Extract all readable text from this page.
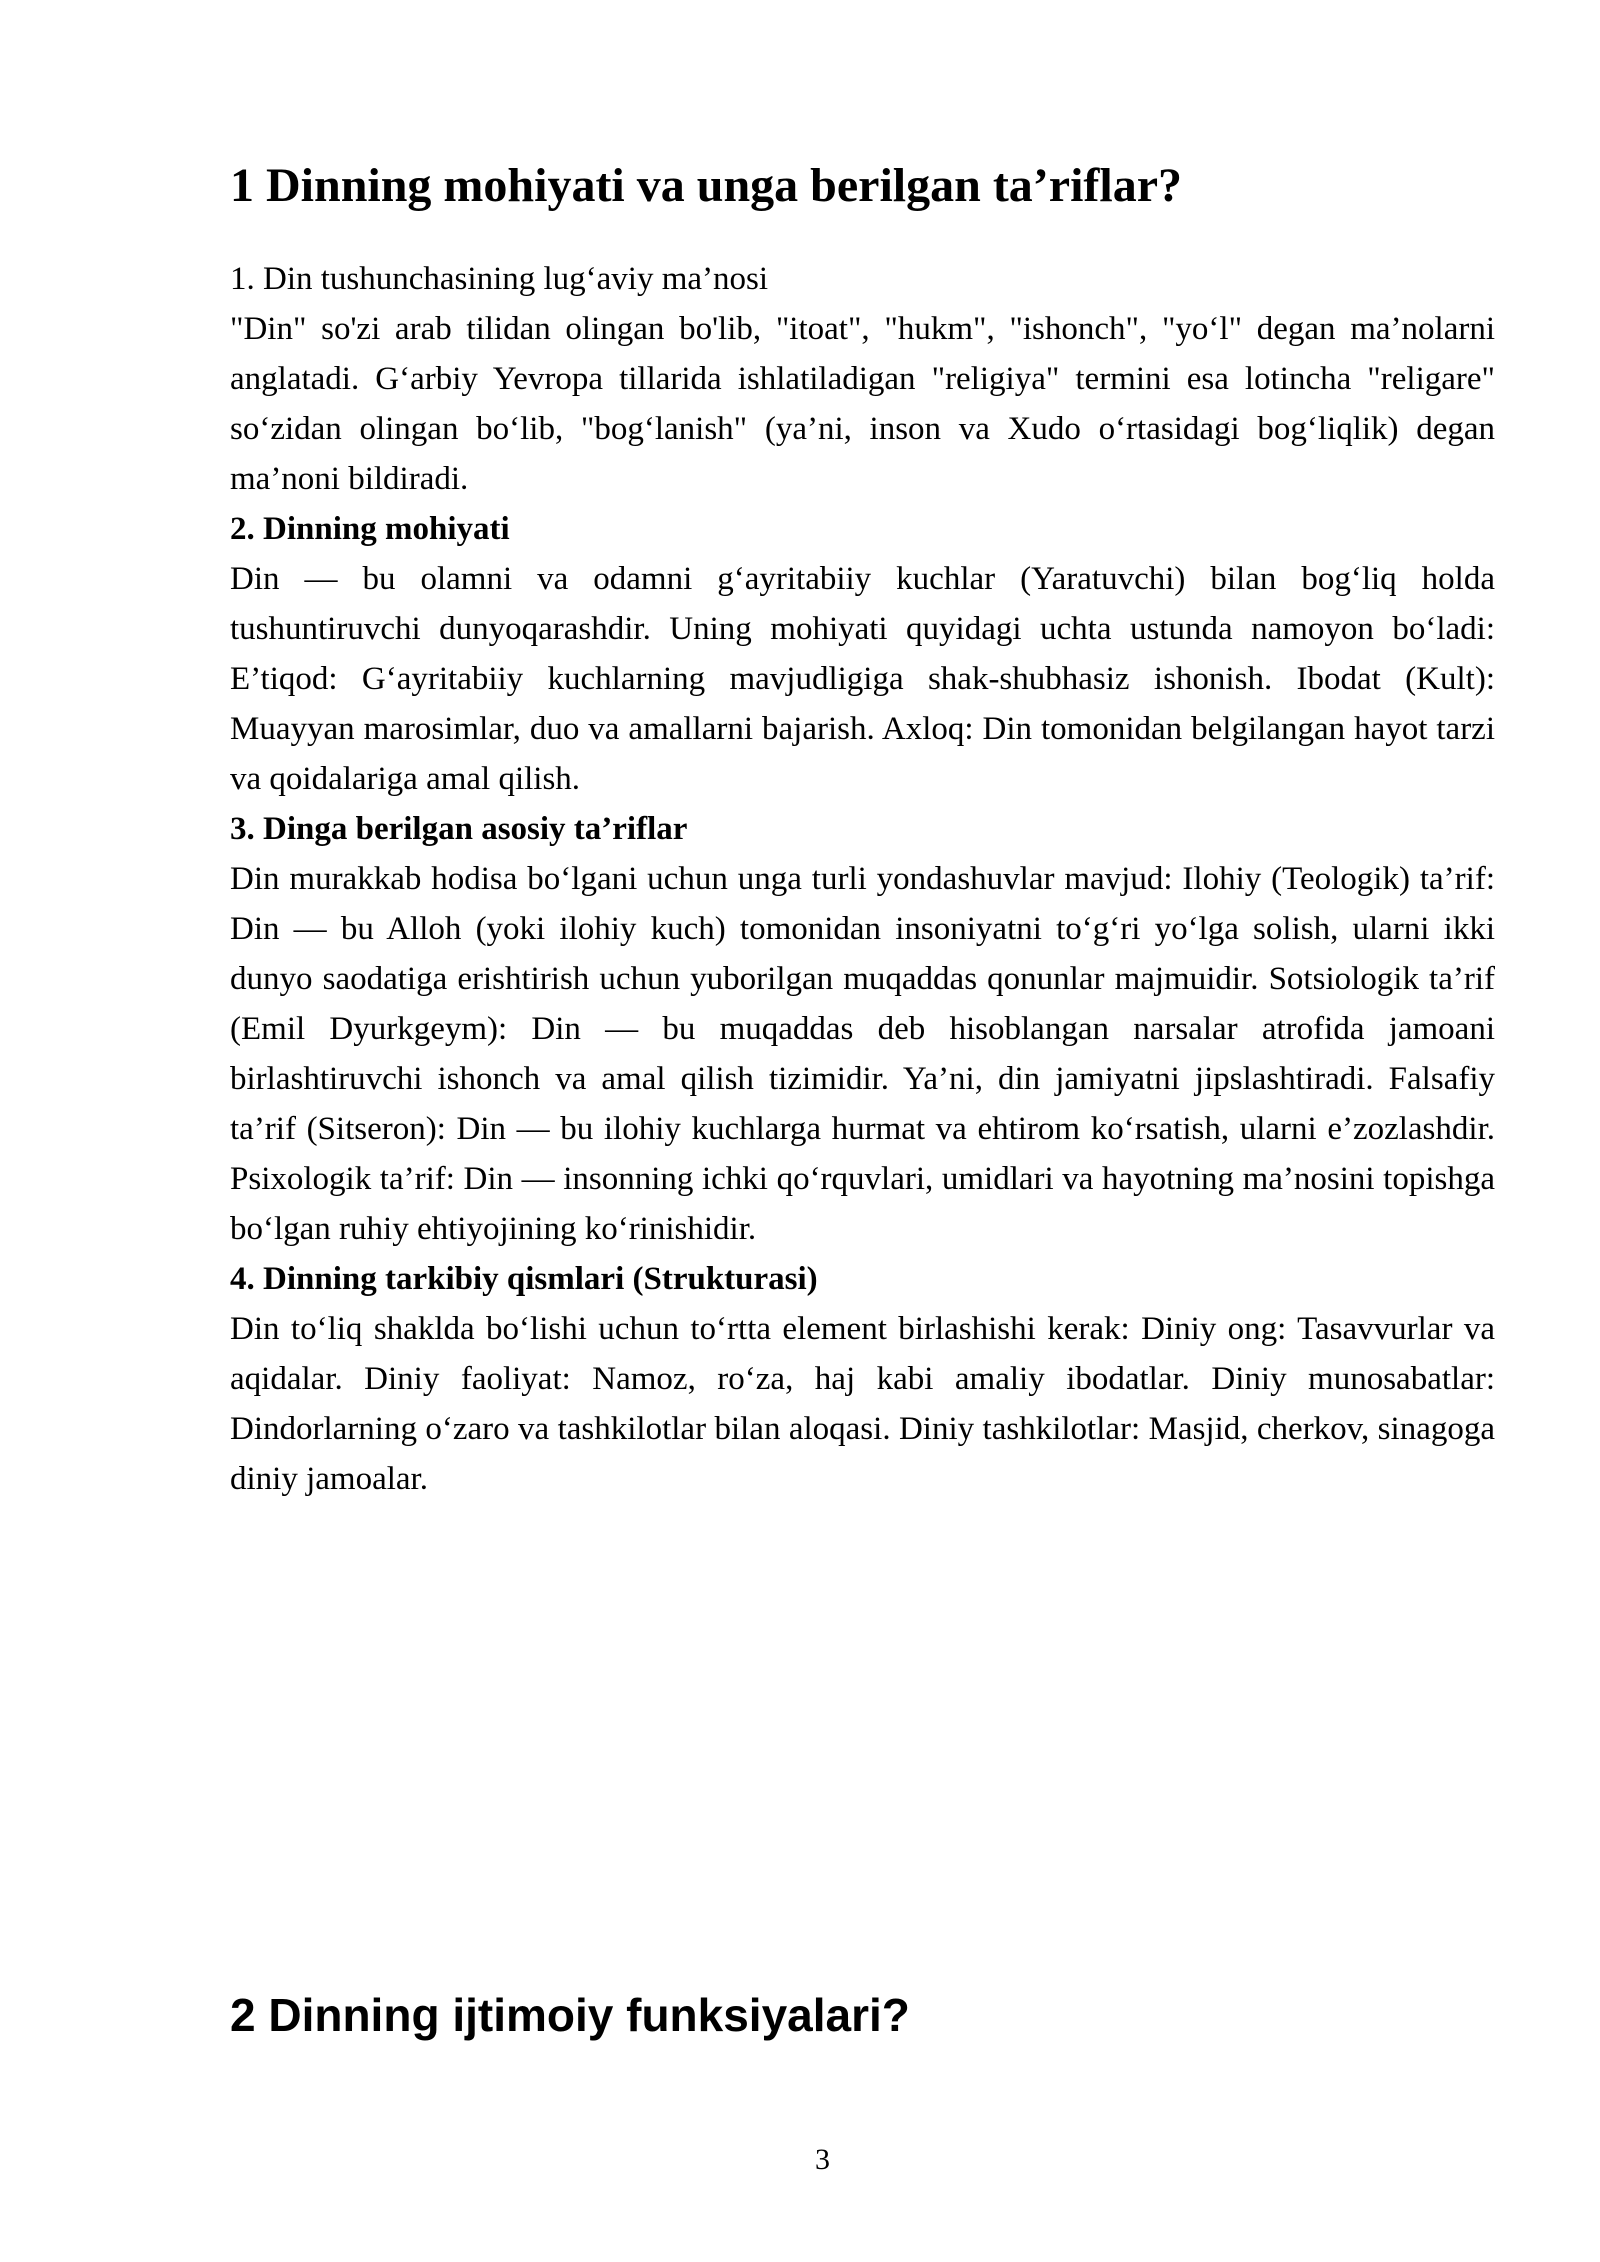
1 Dinning mohiyati va unga berilgan ta’riflar?

1. Din tushunchasining lug‘aviy ma’nosi

"Din" so'zi arab tilidan olingan bo'lib, "itoat", "hukm", "ishonch", "yo‘l" degan ma’nolarni anglatadi. G‘arbiy Yevropa tillarida ishlatiladigan "religiya" termini esa lotincha "religare" so‘zidan olingan bo‘lib, "bog‘lanish" (ya’ni, inson va Xudo o‘rtasidagi bog‘liqlik) degan ma’noni bildiradi.

2. Dinning mohiyati

Din — bu olamni va odamni g‘ayritabiiy kuchlar (Yaratuvchi) bilan bog‘liq holda tushuntiruvchi dunyoqarashdir. Uning mohiyati quyidagi uchta ustunda namoyon bo‘ladi: E’tiqod: G‘ayritabiiy kuchlarning mavjudligiga shak-shubhasiz ishonish. Ibodat (Kult): Muayyan marosimlar, duo va amallarni bajarish. Axloq: Din tomonidan belgilangan hayot tarzi va qoidalariga amal qilish.

3. Dinga berilgan asosiy ta’riflar

Din murakkab hodisa bo‘lgani uchun unga turli yondashuvlar mavjud: Ilohiy (Teologik) ta’rif: Din — bu Alloh (yoki ilohiy kuch) tomonidan insoniyatni to‘g‘ri yo‘lga solish, ularni ikki dunyo saodatiga erishtirish uchun yuborilgan muqaddas qonunlar majmuidir. Sotsiologik ta’rif (Emil Dyurkgeym): Din — bu muqaddas deb hisoblangan narsalar atrofida jamoani birlashtiruvchi ishonch va amal qilish tizimidir. Ya’ni, din jamiyatni jipslashtiradi. Falsafiy ta’rif (Sitseron): Din — bu ilohiy kuchlarga hurmat va ehtirom ko‘rsatish, ularni e’zozlashdir. Psixologik ta’rif: Din — insonning ichki qo‘rquvlari, umidlari va hayotning ma’nosini topishga bo‘lgan ruhiy ehtiyojining ko‘rinishidir.

4. Dinning tarkibiy qismlari (Strukturasi)

Din to‘liq shaklda bo‘lishi uchun to‘rtta element birlashishi kerak: Diniy ong: Tasavvurlar va aqidalar. Diniy faoliyat: Namoz, ro‘za, haj kabi amaliy ibodatlar. Diniy munosabatlar: Dindorlarning o‘zaro va tashkilotlar bilan aloqasi. Diniy tashkilotlar: Masjid, cherkov, sinagoga diniy jamoalar.

2 Dinning ijtimoiy funksiyalari?
3
